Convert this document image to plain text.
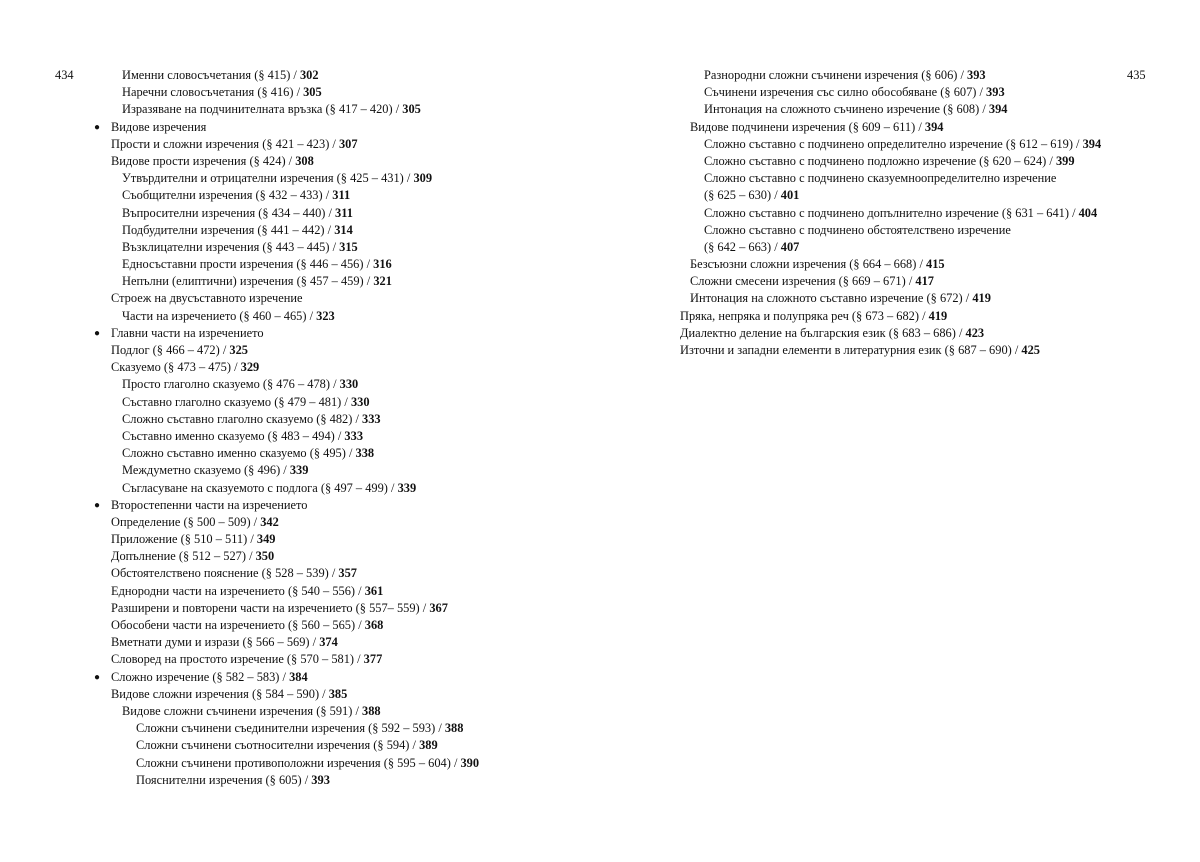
434	Именни словосъчетания (§ 415) / 302
Наречни словосъчетания (§ 416) / 305
Изразяване на подчинителната връзка (§ 417 – 420) / 305
● Видове изречения
Прости и сложни изречения (§ 421 – 423) / 307
Видове прости изречения (§ 424) / 308
Утвърдителни и отрицателни изречения (§ 425 – 431) / 309
Съобщителни изречения (§ 432 – 433) / 311
Въпросителни изречения (§ 434 – 440) / 311
Подбудителни изречения (§ 441 – 442) / 314
Възклицателни изречения (§ 443 – 445) / 315
Едносъставни прости изречения (§ 446 – 456) / 316
Непълни (елиптични) изречения (§ 457 – 459) / 321
Строеж на двусъставното изречение
Части на изречението (§ 460 – 465) / 323
● Главни части на изречението
Подлог (§ 466 – 472) / 325
Сказуемо (§ 473 – 475) / 329
Просто глаголно сказуемо (§ 476 – 478) / 330
Съставно глаголно сказуемо (§ 479 – 481) / 330
Сложно съставно глаголно сказуемо (§ 482) / 333
Съставно именно сказуемо (§ 483 – 494) / 333
Сложно съставно именно сказуемо (§ 495) / 338
Междуметно сказуемо (§ 496) / 339
Съгласуване на сказуемото с подлога (§ 497 – 499) / 339
● Второстепенни части на изречението
Определение (§ 500 – 509) / 342
Приложение (§ 510 – 511) / 349
Допълнение (§ 512 – 527) / 350
Обстоятелствено пояснение (§ 528 – 539) / 357
Еднородни части на изречението (§ 540 – 556) / 361
Разширени и повторени части на изречението (§ 557– 559) / 367
Обособени части на изречението (§ 560 – 565) / 368
Вметнати думи и изрази (§ 566 – 569) / 374
Словоред на простото изречение (§ 570 – 581) / 377
● Сложно изречение (§ 582 – 583) / 384
Видове сложни изречения (§ 584 – 590) / 385
Видове сложни съчинени изречения (§ 591) / 388
Сложни съчинени съединителни изречения (§ 592 – 593) / 388
Сложни съчинени съотносителни изречения (§ 594) / 389
Сложни съчинени противоположни изречения (§ 595 – 604) / 390
Пояснителни изречения (§ 605) / 393
435
Разнородни сложни съчинени изречения (§ 606) / 393
Съчинени изречения със силно обособяване (§ 607) / 393
Интонация на сложното съчинено изречение (§ 608) / 394
Видове подчинени изречения (§ 609 – 611) / 394
Сложно съставно с подчинено определително изречение (§ 612 – 619) / 394
Сложно съставно с подчинено подложно изречение (§ 620 – 624) / 399
Сложно съставно с подчинено сказуемноопределително изречение
(§ 625 – 630) / 401
Сложно съставно с подчинено допълнително изречение (§ 631 – 641) / 404
Сложно съставно с подчинено обстоятелствено изречение
(§ 642 – 663) / 407
Безсъюзни сложни изречения (§ 664 – 668) / 415
Сложни смесени изречения (§ 669 – 671) / 417
Интонация на сложното съставно изречение (§ 672) / 419
Пряка, непряка и полупряка реч (§ 673 – 682) / 419
Диалектно деление на българския език (§ 683 – 686) / 423
Източни и западни елементи в литературния език (§ 687 – 690) / 425
